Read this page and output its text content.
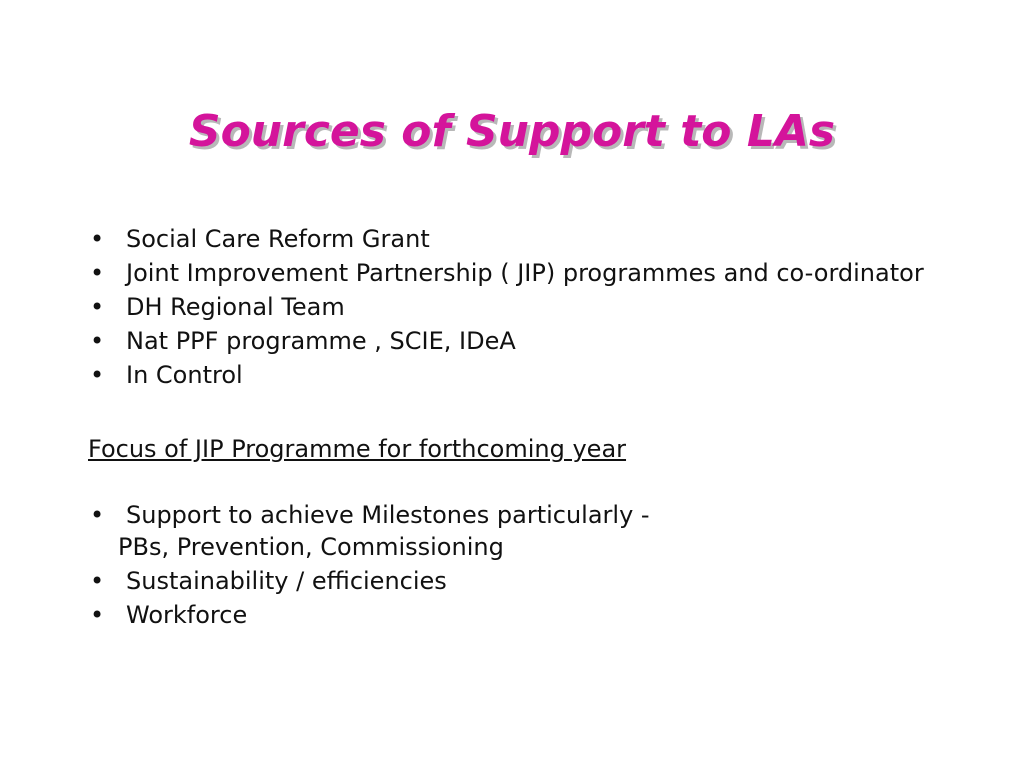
Sources of Support to LAs
• Social Care Reform Grant
• Joint Improvement Partnership ( JIP) programmes and co-ordinator
• DH Regional Team
• Nat PPF programme , SCIE, IDeA
• In Control
Focus of JIP Programme for forthcoming year
• Support to achieve Milestones particularly -
PBs, Prevention, Commissioning
• Sustainability / efficiencies
• Workforce
